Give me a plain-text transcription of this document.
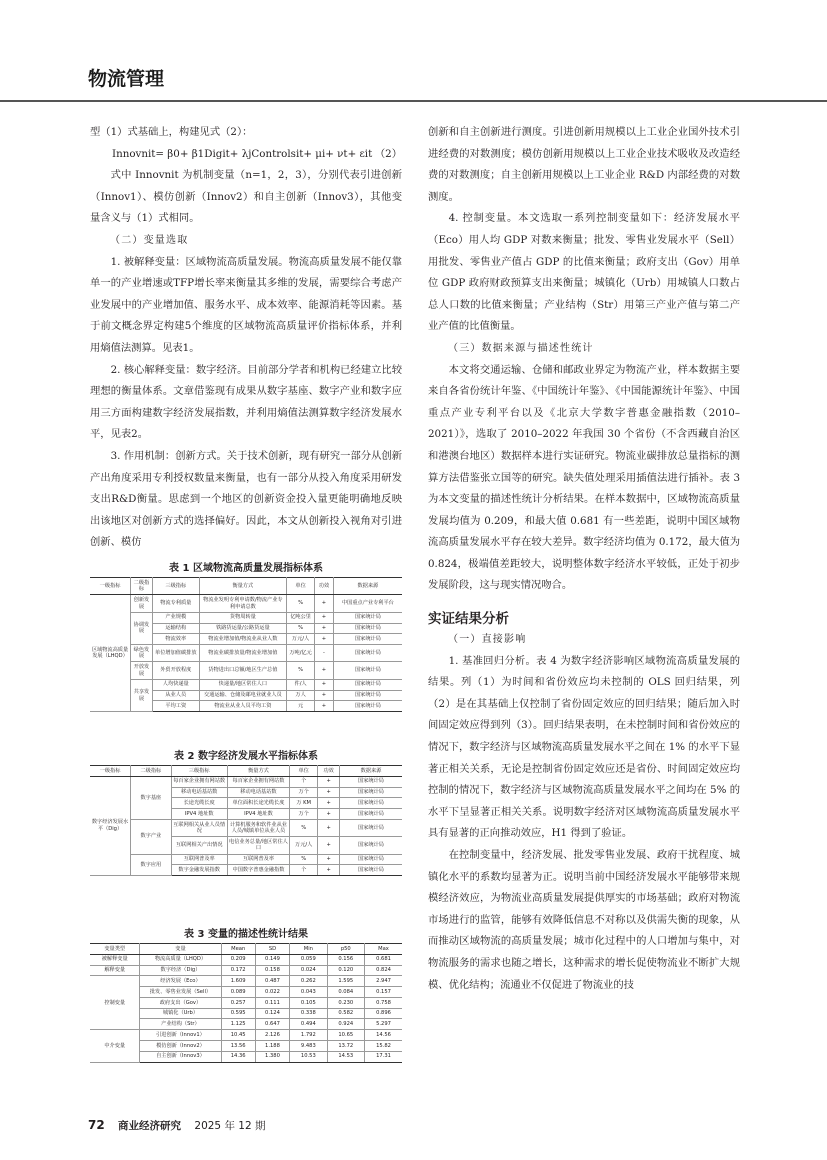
物流管理

型（1）式基础上，构建见式（2）：

Innovnit= β0+ β1Digit+ λjControlsit+ μi+ νt+ εit （2）

式中 Innovnit 为机制变量（n=1，2，3），分别代表引进创新（Innov1）、模仿创新（Innov2）和自主创新（Innov3），其他变量含义与（1）式相同。

（二）变量选取

1. 被解释变量：区域物流高质量发展。物流高质量发展不能仅靠单一的产业增速或TFP增长率来衡量其多维的发展，需要综合考虑产业发展中的产业增加值、服务水平、成本效率、能源消耗等因素。基于前文概念界定构建5个维度的区域物流高质量评价指标体系，并利用熵值法测算。见表1。

2. 核心解释变量：数字经济。目前部分学者和机构已经建立比较理想的衡量体系。文章借鉴现有成果从数字基座、数字产业和数字应用三方面构建数字经济发展指数，并利用熵值法测算数字经济发展水平，见表2。

3. 作用机制：创新方式。关于技术创新，现有研究一部分从创新产出角度采用专利授权数量来衡量，也有一部分从投入角度采用研发支出R&D衡量。思虑到一个地区的创新资金投入量更能明确地反映出该地区对创新方式的选择偏好。因此，本文从创新投入视角对引进创新、模仿

表 1 区域物流高质量发展指标体系
一级指标	二级指标	三级指标	衡量方式	单位	功效	数据来源
区域物流高质量发展（LHQD）	创新发展	物流专利质量	物流业发明专利申请数/物流产业专利申请总数	%	+	中国重点产业专利平台
	协调发展	产业规模	货物周转量	亿吨公里	+	国家统计局
		运输结构	铁路货运量/公路货运量	%	+	国家统计局
		物流效率	物流业增加值/物流业从业人数	万元/人	+	国家统计局
	绿色发展	单位增加值碳排放	物流业碳排放量/物流业增加值	万吨/亿元	-	国家统计局
	开放发展	外贸开放程度	货物进出口总额/地区生产总值	%	+	国家统计局
	共享发展	人均快递量	快递量/地区常住人口	件/人	+	国家统计局
		从业人员	交通运输、仓储及邮电业就业人员	万人	+	国家统计局
		平均工资	物流业从业人员平均工资	元	+	国家统计局
表 2 数字经济发展水平指标体系
一级指标	二级指标	三级指标	衡量方式	单位	功效	数据来源
数字经济发展水平（Dig）	数字基座	每百家企业拥有网站数	每百家企业拥有网站数	个	+	国家统计局
		移动电话基站数	移动电话基站数	万个	+	国家统计局
		长途光缆长度	单位面积长途光缆长度	万 KM	+	国家统计局
		IPV4 地址数	IPV4 地址数	万个	+	国家统计局
	数字产业	互联网相关从业人员情况	计算机服务和软件业从业人员/城镇单位从业人员	%	+	国家统计局
		互联网相关产出情况	电信业务总量/地区常住人口	万元/人	+	国家统计局
	数字应用	互联网普及率	互联网普及率	%	+	国家统计局
		数字金融发展指数	中国数字普惠金融指数	个	+	国家统计局
表 3 变量的描述性统计结果
变量类型	变量	Mean	SD	Min	p50	Max
被解释变量	物流高质量（LHQD）	0.209	0.149	0.059	0.156	0.681
解释变量	数字经济（Dig）	0.172	0.158	0.024	0.120	0.824
控制变量	经济发展（Eco）	1.609	0.487	0.262	1.595	2.947
	批发、零售业发展（Sell）	0.089	0.022	0.043	0.084	0.157
	政府支出（Gov）	0.257	0.111	0.105	0.230	0.758
	城镇化（Urb）	0.595	0.124	0.338	0.582	0.896
	产业结构（Str）	1.125	0.647	0.494	0.924	5.297
中介变量	引进创新（Innov1）	10.45	2.126	1.792	10.65	14.56
	模仿创新（Innov2）	13.56	1.188	9.483	13.72	15.82
	自主创新（Innov3）	14.36	1.380	10.53	14.53	17.31

创新和自主创新进行测度。引进创新用规模以上工业企业国外技术引进经费的对数测度；模仿创新用规模以上工业企业技术吸收及改造经费的对数测度；自主创新用规模以上工业企业 R&D 内部经费的对数测度。

4. 控制变量。本文选取一系列控制变量如下：经济发展水平（Eco）用人均 GDP 对数来衡量；批发、零售业发展水平（Sell）用批发、零售业产值占 GDP 的比值来衡量；政府支出（Gov）用单位 GDP 政府财政预算支出来衡量；城镇化（Urb）用城镇人口数占总人口数的比值来衡量；产业结构（Str）用第三产业产值与第二产业产值的比值衡量。

（三）数据来源与描述性统计

本文将交通运输、仓储和邮政业界定为物流产业，样本数据主要来自各省份统计年鉴、《中国统计年鉴》、《中国能源统计年鉴》、中国重点产业专利平台以及《北京大学数字普惠金融指数（2010–2021）》，选取了 2010–2022 年我国 30 个省份（不含西藏自治区和港澳台地区）数据样本进行实证研究。物流业碳排放总量指标的测算方法借鉴张立国等的研究。缺失值处理采用插值法进行插补。表 3 为本文变量的描述性统计分析结果。在样本数据中，区域物流高质量发展均值为 0.209，和最大值 0.681 有一些差距，说明中国区域物流高质量发展水平存在较大差异。数字经济均值为 0.172，最大值为 0.824，极端值差距较大，说明整体数字经济水平较低，正处于初步发展阶段，这与现实情况吻合。

实证结果分析
（一）直接影响

1. 基准回归分析。表 4 为数字经济影响区域物流高质量发展的结果。列（1）为时间和省份效应均未控制的 OLS 回归结果，列（2）是在其基础上仅控制了省份固定效应的回归结果；随后加入时间固定效应得到列（3）。回归结果表明，在未控制时间和省份效应的情况下，数字经济与区域物流高质量发展水平之间在 1% 的水平下显著正相关关系，无论是控制省份固定效应还是省份、时间固定效应均控制的情况下，数字经济与区域物流高质量发展水平之间均在 5% 的水平下呈显著正相关关系。说明数字经济对区域物流高质量发展水平具有显著的正向推动效应，H1 得到了验证。

在控制变量中，经济发展、批发零售业发展、政府干扰程度、城镇化水平的系数均显著为正。说明当前中国经济发展水平能够带来规模经济效应，为物流业高质量发展提供厚实的市场基础；政府对物流市场进行的监管，能够有效降低信息不对称以及供需失衡的现象，从而推动区域物流的高质量发展；城市化过程中的人口增加与集中，对物流服务的需求也随之增长，这种需求的增长促使物流业不断扩大规模、优化结构；流通业不仅促进了物流业的技

72 商业经济研究 2025 年 12 期
